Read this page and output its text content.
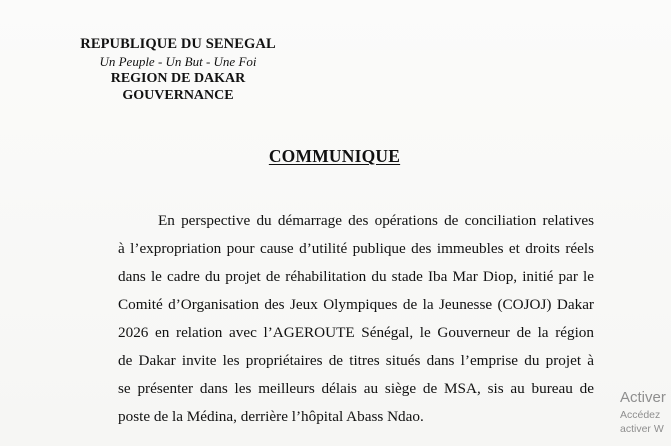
REPUBLIQUE DU SENEGAL
Un Peuple - Un But - Une Foi
REGION DE DAKAR
GOUVERNANCE
COMMUNIQUE
En perspective du démarrage des opérations de conciliation relatives
à l’expropriation pour cause d’utilité publique des immeubles et droits réels
dans le cadre du projet de réhabilitation du stade Iba Mar Diop, initié par le
Comité d’Organisation des Jeux Olympiques de la Jeunesse (COJOJ) Dakar
2026 en relation avec l’AGEROUTE Sénégal, le Gouverneur de la région
de Dakar invite les propriétaires de titres situés dans l’emprise du projet à
se présenter dans les meilleurs délais au siège de MSA, sis au bureau de
poste de la Médina, derrière l’hôpital Abass Ndao.
Activer
Accédez
activer W
